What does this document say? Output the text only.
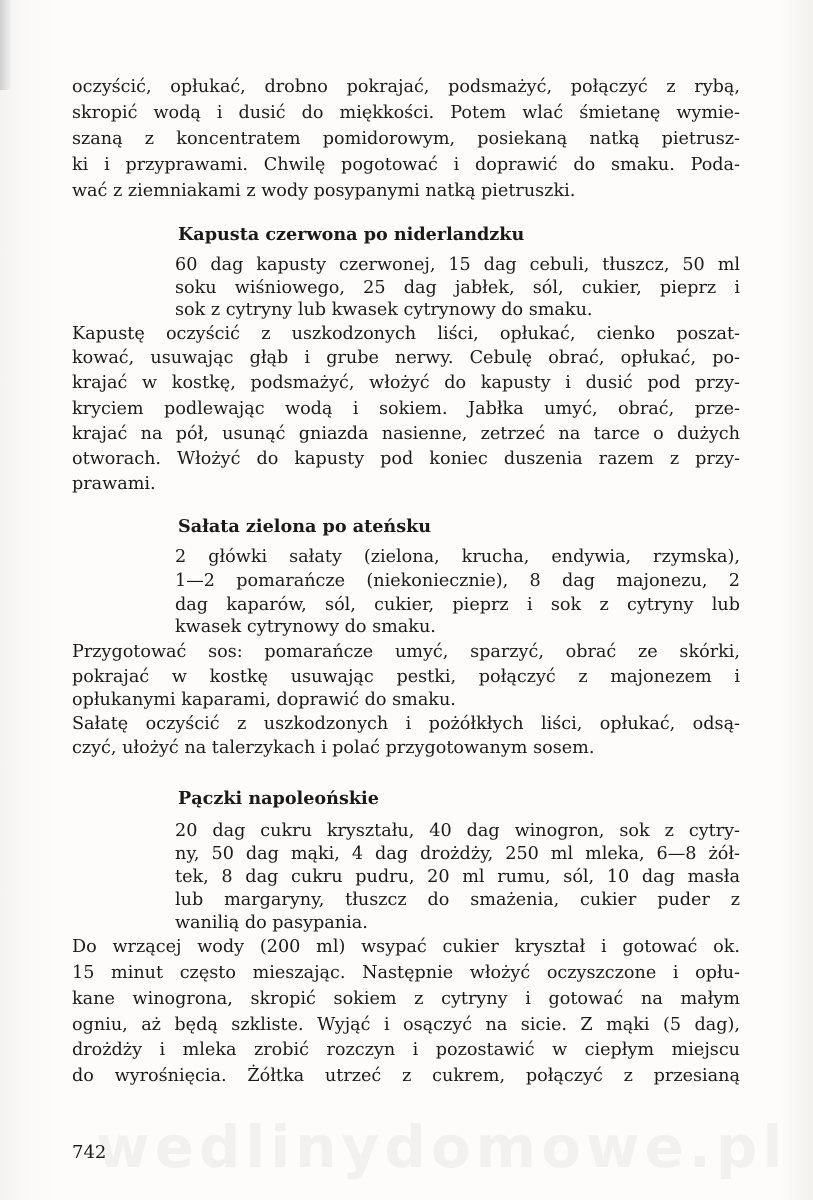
oczyścić, opłukać, drobno pokrajać, podsmażyć, połączyć z rybą,
skropić wodą i dusić do miękkości. Potem wlać śmietanę wymie-
szaną z koncentratem pomidorowym, posiekaną natką pietrusz-
ki i przyprawami. Chwilę pogotować i doprawić do smaku. Poda-
wać z ziemniakami z wody posypanymi natką pietruszki.
Kapusta czerwona po niderlandzku
60 dag kapusty czerwonej, 15 dag cebuli, tłuszcz, 50 ml
soku wiśniowego, 25 dag jabłek, sól, cukier, pieprz i
sok z cytryny lub kwasek cytrynowy do smaku.
Kapustę oczyścić z uszkodzonych liści, opłukać, cienko poszat-
kować, usuwając głąb i grube nerwy. Cebulę obrać, opłukać, po-
krajać w kostkę, podsmażyć, włożyć do kapusty i dusić pod przy-
kryciem podlewając wodą i sokiem. Jabłka umyć, obrać, prze-
krajać na pół, usunąć gniazda nasienne, zetrzeć na tarce o dużych
otworach. Włożyć do kapusty pod koniec duszenia razem z przy-
prawami.
Sałata zielona po ateńsku
2 główki sałaty (zielona, krucha, endywia, rzymska),
1—2 pomarańcze (niekoniecznie), 8 dag majonezu, 2
dag kaparów, sól, cukier, pieprz i sok z cytryny lub
kwasek cytrynowy do smaku.
Przygotować sos: pomarańcze umyć, sparzyć, obrać ze skórki,
pokrajać w kostkę usuwając pestki, połączyć z majonezem i
opłukanymi kaparami, doprawić do smaku.
Sałatę oczyścić z uszkodzonych i pożółkłych liści, opłukać, odsą-
czyć, ułożyć na talerzykach i polać przygotowanym sosem.
Pączki napoleońskie
20 dag cukru kryształu, 40 dag winogron, sok z cytry-
ny, 50 dag mąki, 4 dag drożdży, 250 ml mleka, 6—8 żół-
tek, 8 dag cukru pudru, 20 ml rumu, sól, 10 dag masła
lub margaryny, tłuszcz do smażenia, cukier puder z
wanilią do pasypania.
Do wrzącej wody (200 ml) wsypać cukier kryształ i gotować ok.
15 minut często mieszając. Następnie włożyć oczyszczone i opłu-
kane winogrona, skropić sokiem z cytryny i gotować na małym
ogniu, aż będą szkliste. Wyjąć i osączyć na sicie. Z mąki (5 dag),
drożdży i mleka zrobić rozczyn i pozostawić w ciepłym miejscu
do wyrośnięcia. Żółtka utrzeć z cukrem, połączyć z przesianą
742
